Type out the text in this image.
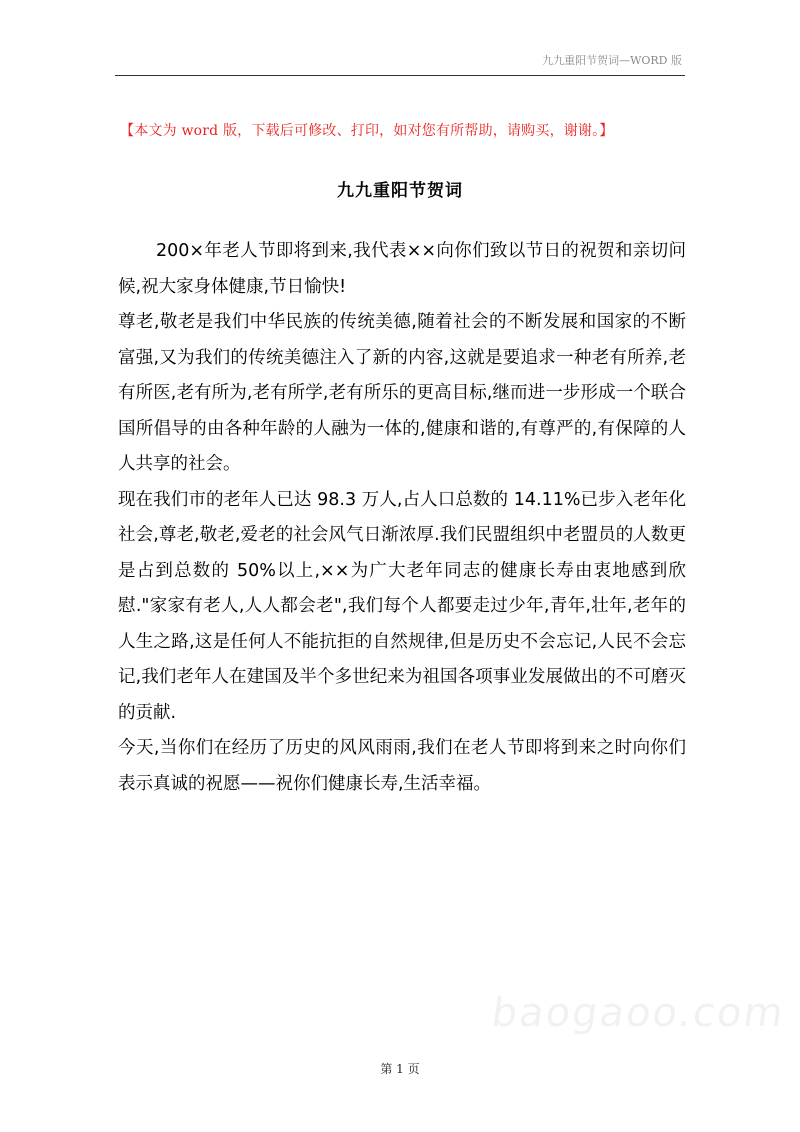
九九重阳节贺词—WORD 版
【本文为 word 版，下载后可修改、打印，如对您有所帮助，请购买，谢谢。】
九九重阳节贺词

200×年老人节即将到来,我代表××向你们致以节日的祝贺和亲切问候,祝大家身体健康,节日愉快!

尊老,敬老是我们中华民族的传统美德,随着社会的不断发展和国家的不断富强,又为我们的传统美德注入了新的内容,这就是要追求一种老有所养,老有所医,老有所为,老有所学,老有所乐的更高目标,继而进一步形成一个联合国所倡导的由各种年龄的人融为一体的,健康和谐的,有尊严的,有保障的人人共享的社会。

现在我们市的老年人已达 98.3 万人,占人口总数的 14.11%已步入老年化社会,尊老,敬老,爱老的社会风气日渐浓厚.我们民盟组织中老盟员的人数更是占到总数的 50%以上,××为广大老年同志的健康长寿由衷地感到欣慰."家家有老人,人人都会老",我们每个人都要走过少年,青年,壮年,老年的人生之路,这是任何人不能抗拒的自然规律,但是历史不会忘记,人民不会忘记,我们老年人在建国及半个多世纪来为祖国各项事业发展做出的不可磨灭的贡献.

今天,当你们在经历了历史的风风雨雨,我们在老人节即将到来之时向你们表示真诚的祝愿——祝你们健康长寿,生活幸福。

baogaoo.com
第 1 页
